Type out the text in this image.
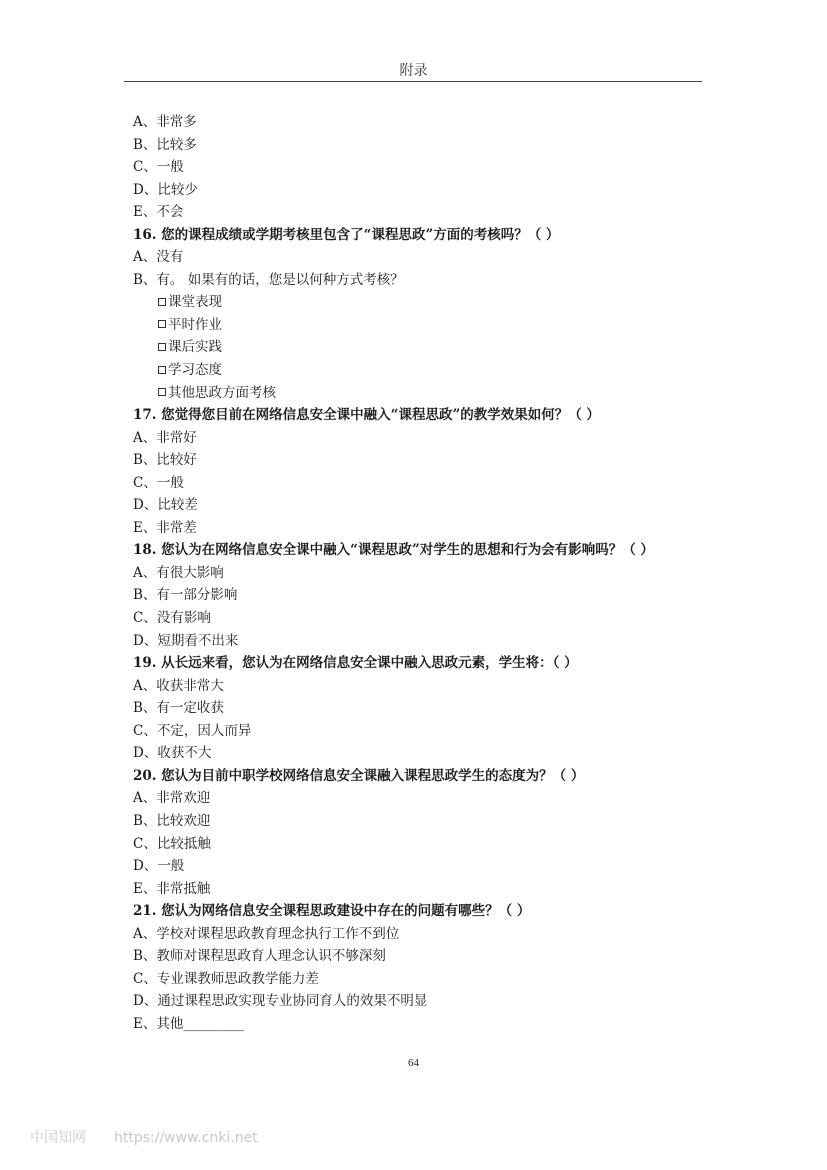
附录
A、非常多
B、比较多
C、一般
D、比较少
E、不会
16. 您的课程成绩或学期考核里包含了“课程思政”方面的考核吗？（ ）
A、没有
B、有。 如果有的话，您是以何种方式考核？
课堂表现
平时作业
课后实践
学习态度
其他思政方面考核
17. 您觉得您目前在网络信息安全课中融入“课程思政”的教学效果如何？（ ）
A、非常好
B、比较好
C、一般
D、比较差
E、非常差
18. 您认为在网络信息安全课中融入“课程思政”对学生的思想和行为会有影响吗？（ ）
A、有很大影响
B、有一部分影响
C、没有影响
D、短期看不出来
19. 从长远来看，您认为在网络信息安全课中融入思政元素，学生将：（ ）
A、收获非常大
B、有一定收获
C、不定，因人而异
D、收获不大
20. 您认为目前中职学校网络信息安全课融入课程思政学生的态度为？（ ）
A、非常欢迎
B、比较欢迎
C、比较抵触
D、一般
E、非常抵触
21. 您认为网络信息安全课程思政建设中存在的问题有哪些？（ ）
A、学校对课程思政教育理念执行工作不到位
B、教师对课程思政育人理念认识不够深刻
C、专业课教师思政教学能力差
D、通过课程思政实现专业协同育人的效果不明显
E、其他_________
64
中国知网 https://www.cnki.net
